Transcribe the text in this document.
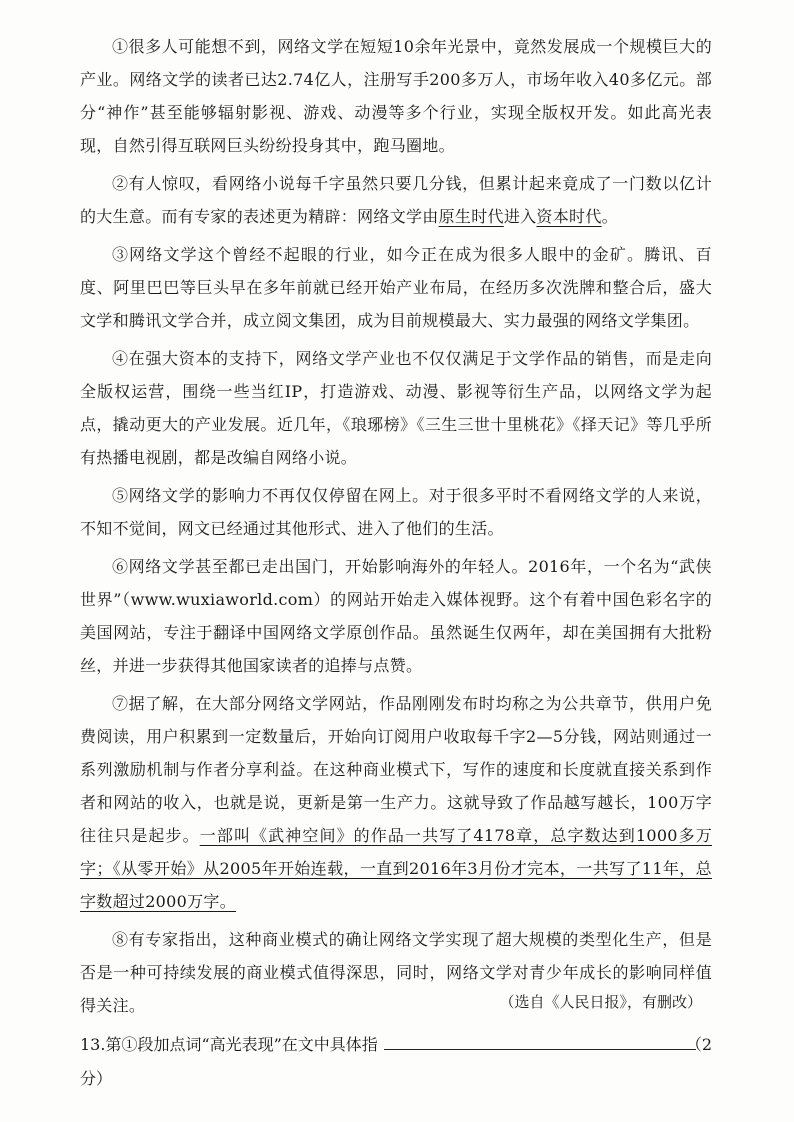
①很多人可能想不到，网络文学在短短10余年光景中，竟然发展成一个规模巨大的产业。网络文学的读者已达2.74亿人，注册写手200多万人，市场年收入40多亿元。部分“神作”甚至能够辐射影视、游戏、动漫等多个行业，实现全版权开发。如此高光表现，自然引得互联网巨头纷纷投身其中，跑马圈地。

②有人惊叹，看网络小说每千字虽然只要几分钱，但累计起来竟成了一门数以亿计的大生意。而有专家的表述更为精辟：网络文学由原生时代进入资本时代。

③网络文学这个曾经不起眼的行业，如今正在成为很多人眼中的金矿。腾讯、百度、阿里巴巴等巨头早在多年前就已经开始产业布局，在经历多次洗牌和整合后，盛大文学和腾讯文学合并，成立阅文集团，成为目前规模最大、实力最强的网络文学集团。

④在强大资本的支持下，网络文学产业也不仅仅满足于文学作品的销售，而是走向全版权运营，围绕一些当红IP，打造游戏、动漫、影视等衍生产品，以网络文学为起点，撬动更大的产业发展。近几年，《琅琊榜》《三生三世十里桃花》《择天记》等几乎所有热播电视剧，都是改编自网络小说。

⑤网络文学的影响力不再仅仅停留在网上。对于很多平时不看网络文学的人来说，不知不觉间，网文已经通过其他形式、进入了他们的生活。

⑥网络文学甚至都已走出国门，开始影响海外的年轻人。2016年，一个名为“武侠世界”（www.wuxiaworld.com）的网站开始走入媒体视野。这个有着中国色彩名字的美国网站，专注于翻译中国网络文学原创作品。虽然诞生仅两年，却在美国拥有大批粉丝，并进一步获得其他国家读者的追捧与点赞。

⑦据了解，在大部分网络文学网站，作品刚刚发布时均称之为公共章节，供用户免费阅读，用户积累到一定数量后，开始向订阅用户收取每千字2—5分钱，网站则通过一系列激励机制与作者分享利益。在这种商业模式下，写作的速度和长度就直接关系到作者和网站的收入，也就是说，更新是第一生产力。这就导致了作品越写越长，100万字往往只是起步。一部叫《武神空间》的作品一共写了4178章，总字数达到1000多万字；《从零开始》从2005年开始连载，一直到2016年3月份才完本，一共写了11年，总字数超过2000万字。

⑧有专家指出，这种商业模式的确让网络文学实现了超大规模的类型化生产，但是否是一种可持续发展的商业模式值得深思，同时，网络文学对青少年成长的影响同样值得关注。	（选自《人民日报》，有删改）
13.第①段加点词“高光表现”在文中具体指	（2
分）
